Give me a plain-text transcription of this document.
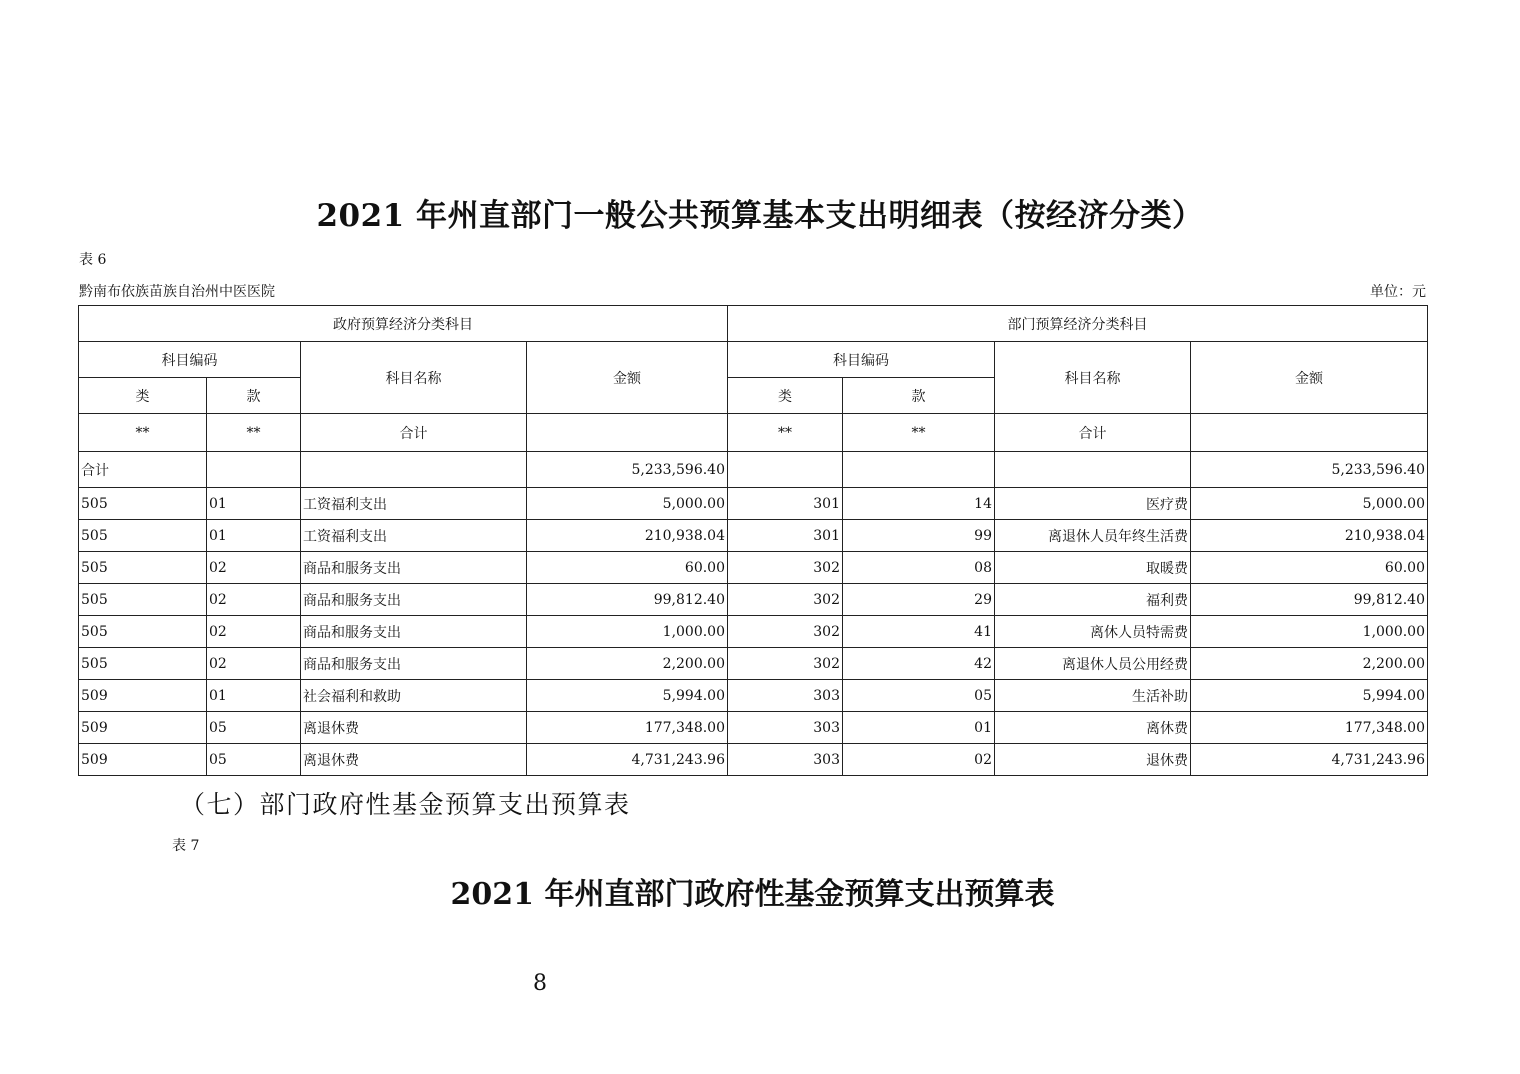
2021 年州直部门一般公共预算基本支出明细表（按经济分类）
表 6
黔南布依族苗族自治州中医医院	单位：元
政府预算经济分类科目				部门预算经济分类科目			
科目编码		科目名称	金额	科目编码		科目名称	金额
类	款			类	款		
**	**	合计		**	**	合计	
合计			5,233,596.40				5,233,596.40
505	01	工资福利支出	5,000.00	301	14	医疗费	5,000.00
505	01	工资福利支出	210,938.04	301	99	离退休人员年终生活费	210,938.04
505	02	商品和服务支出	60.00	302	08	取暖费	60.00
505	02	商品和服务支出	99,812.40	302	29	福利费	99,812.40
505	02	商品和服务支出	1,000.00	302	41	离休人员特需费	1,000.00
505	02	商品和服务支出	2,200.00	302	42	离退休人员公用经费	2,200.00
509	01	社会福利和救助	5,994.00	303	05	生活补助	5,994.00
509	05	离退休费	177,348.00	303	01	离休费	177,348.00
509	05	离退休费	4,731,243.96	303	02	退休费	4,731,243.96
（七）部门政府性基金预算支出预算表
表 7
2021 年州直部门政府性基金预算支出预算表
8
